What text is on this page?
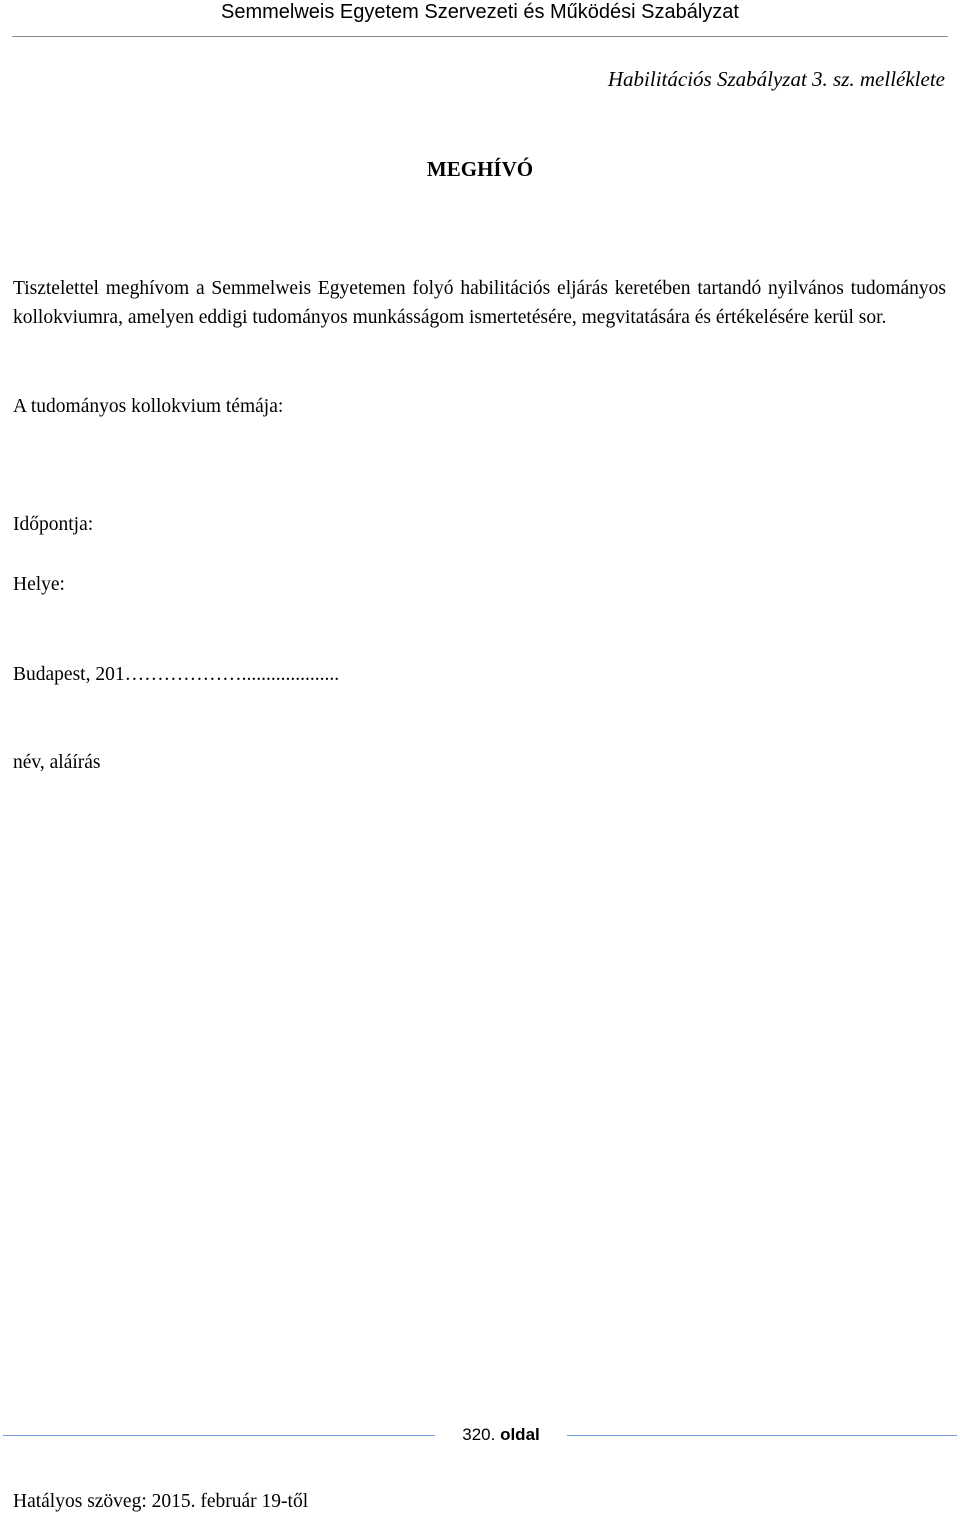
Semmelweis Egyetem Szervezeti és Működési Szabályzat
Habilitációs Szabályzat 3. sz. melléklete
MEGHÍVÓ

Tisztelettel meghívom a Semmelweis Egyetemen folyó habilitációs eljárás keretében tartandó nyilvános tudományos kollokviumra, amelyen eddigi tudományos munkásságom ismertetésére, megvitatására és értékelésére kerül sor.

A tudományos kollokvium témája:
Időpontja:
Helye:
Budapest, 201………………....................
név, aláírás
320. oldal
Hatályos szöveg: 2015. február 19-től
